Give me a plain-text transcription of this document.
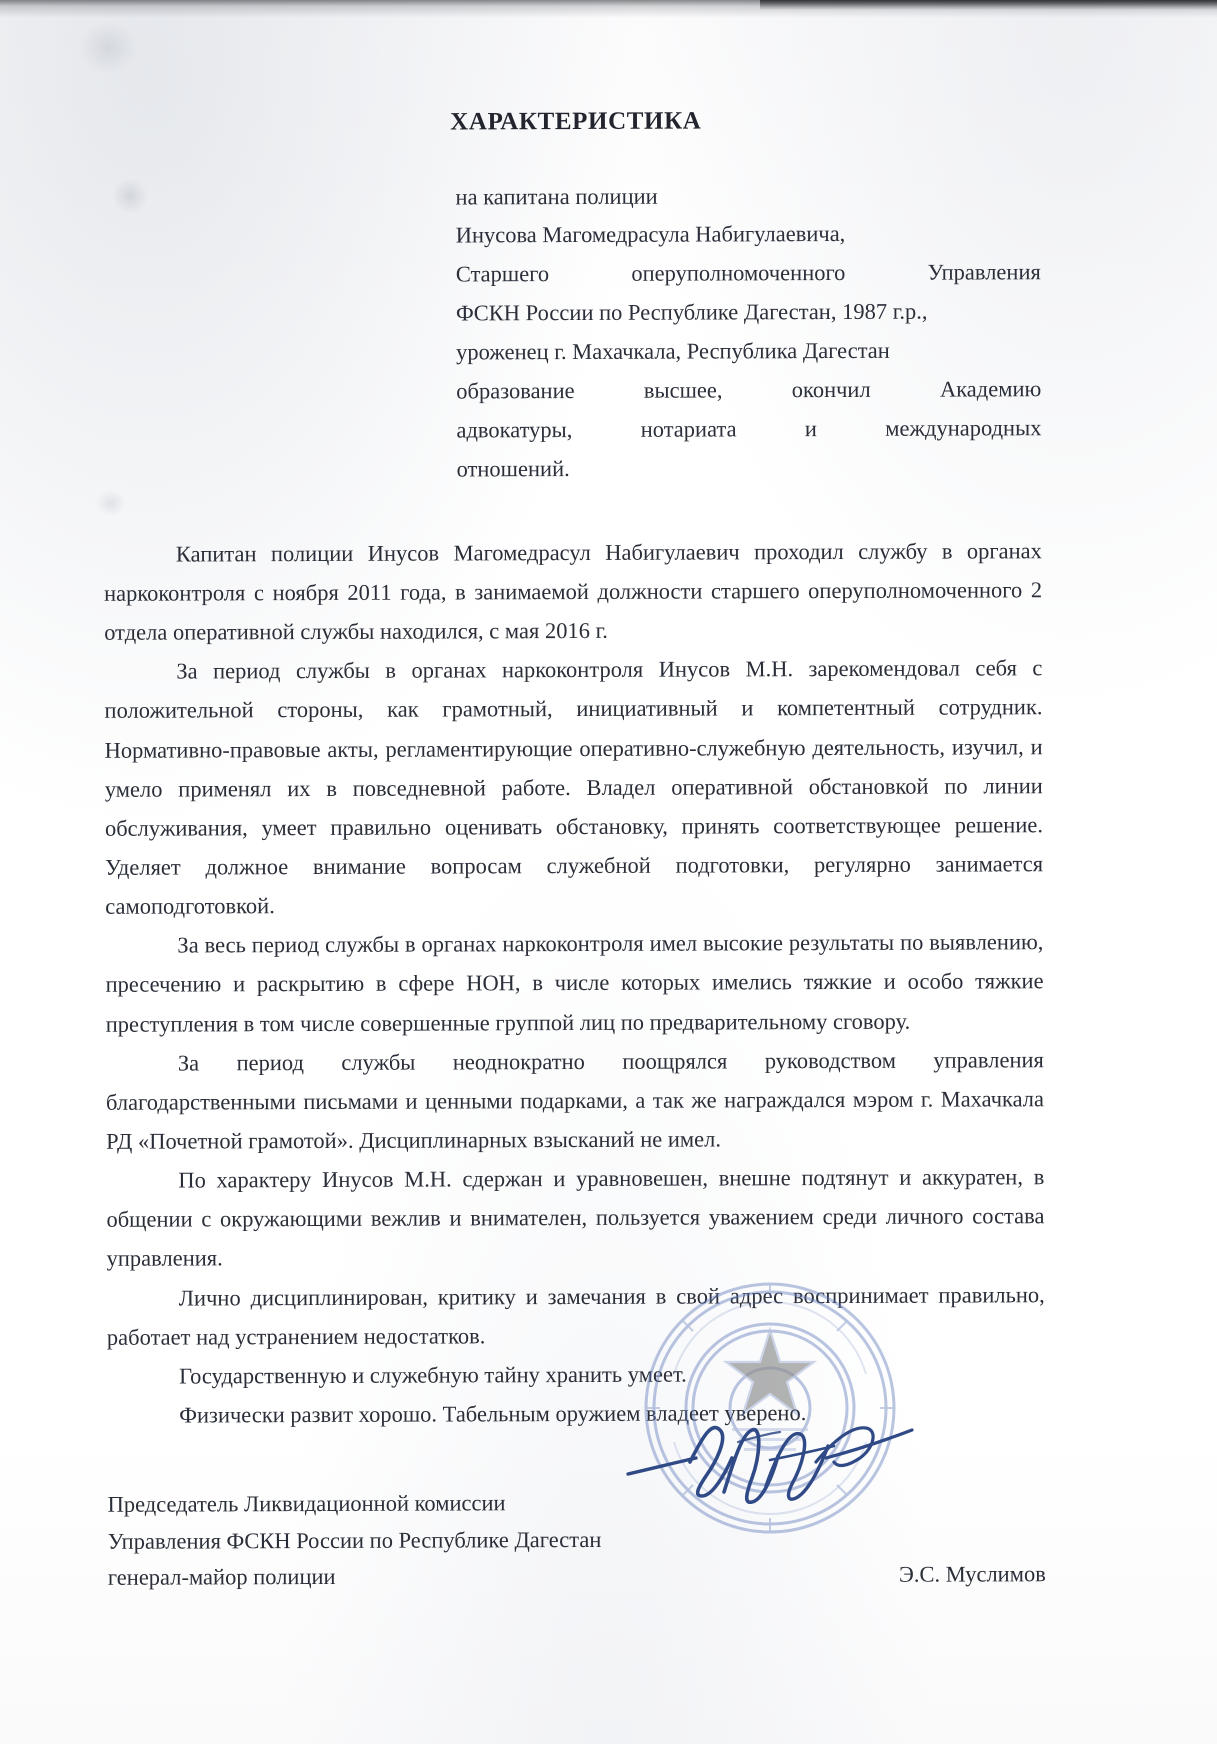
ХАРАКТЕРИСТИКА
на капитана полиции
Инусова Магомедрасула Набигулаевича,
Старшего оперуполномоченного Управления
ФСКН России по Республике Дагестан, 1987 г.р.,
уроженец г. Махачкала, Республика Дагестан
образование высшее, окончил Академию
адвокатуры, нотариата и международных
отношений.

Капитан полиции Инусов Магомедрасул Набигулаевич проходил службу в органах наркоконтроля с ноября 2011 года, в занимаемой должности старшего оперуполномоченного 2 отдела оперативной службы находился, с мая 2016 г.

За период службы в органах наркоконтроля Инусов М.Н. зарекомендовал себя с положительной стороны, как грамотный, инициативный и компетентный сотрудник. Нормативно-правовые акты, регламентирующие оперативно-служебную деятельность, изучил, и умело применял их в повседневной работе. Владел оперативной обстановкой по линии обслуживания, умеет правильно оценивать обстановку, принять соответствующее решение. Уделяет должное внимание вопросам служебной подготовки, регулярно занимается самоподготовкой.

За весь период службы в органах наркоконтроля имел высокие результаты по выявлению, пресечению и раскрытию в сфере НОН, в числе которых имелись тяжкие и особо тяжкие преступления в том числе совершенные группой лиц по предварительному сговору.

За период службы неоднократно поощрялся руководством управления благодарственными письмами и ценными подарками, а так же награждался мэром г. Махачкала РД «Почетной грамотой». Дисциплинарных взысканий не имел.

По характеру Инусов М.Н. сдержан и уравновешен, внешне подтянут и аккуратен, в общении с окружающими вежлив и внимателен, пользуется уважением среди личного состава управления.

Лично дисциплинирован, критику и замечания в свой адрес воспринимает правильно, работает над устранением недостатков.

Государственную и служебную тайну хранить умеет.

Физически развит хорошо. Табельным оружием владеет уверено.

Председатель Ликвидационной комиссии
Управления ФСКН России по Республике Дагестан
генерал-майор полиции	Э.С. Муслимов
